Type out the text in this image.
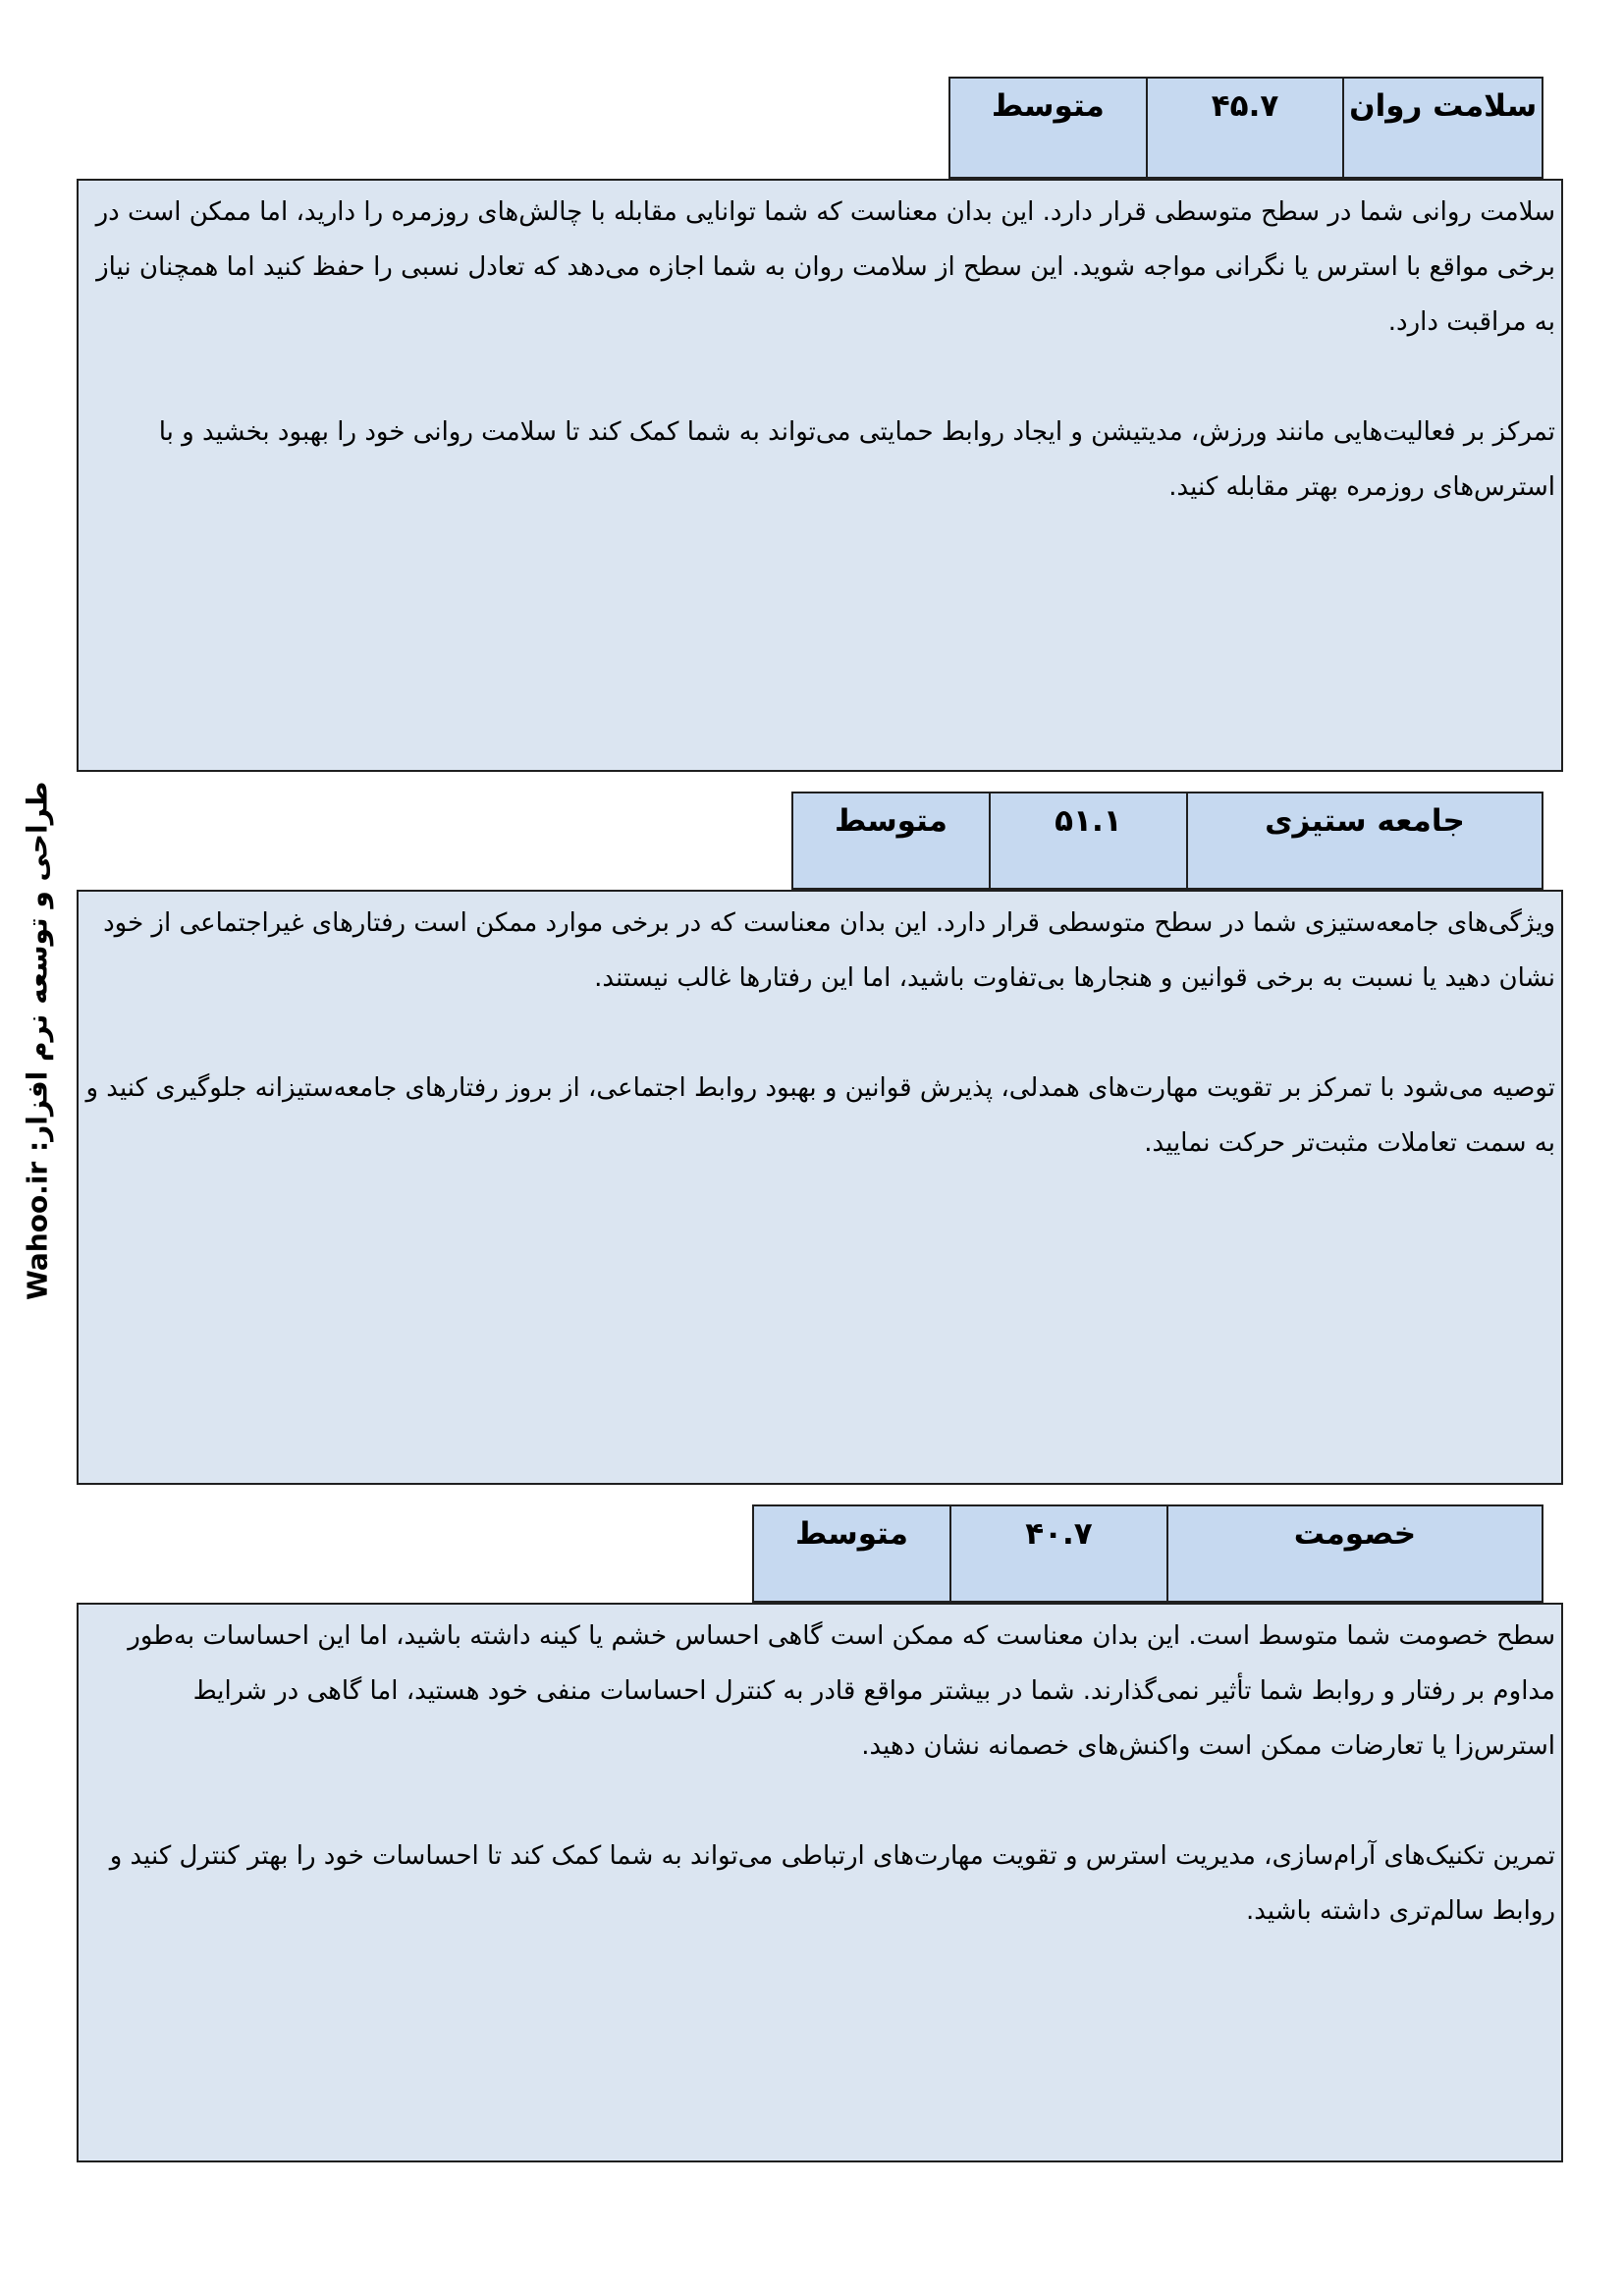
طراحی و توسعه نرم افزار: Wahoo.ir
سلامت روان
۴۵.۷
متوسط

سلامت روانی شما در سطح متوسطی قرار دارد. این بدان معناست که شما توانایی مقابله با چالش‌های روزمره را دارید، اما ممکن است در برخی مواقع با استرس یا نگرانی مواجه شوید. این سطح از سلامت روان به شما اجازه می‌دهد که تعادل نسبی را حفظ کنید اما همچنان نیاز به مراقبت دارد.

تمرکز بر فعالیت‌هایی مانند ورزش، مدیتیشن و ایجاد روابط حمایتی می‌تواند به شما کمک کند تا سلامت روانی خود را بهبود بخشید و با استرس‌های روزمره بهتر مقابله کنید.

جامعه ستیزی
۵۱.۱
متوسط

ویژگی‌های جامعه‌ستیزی شما در سطح متوسطی قرار دارد. این بدان معناست که در برخی موارد ممکن است رفتارهای غیراجتماعی از خود نشان دهید یا نسبت به برخی قوانین و هنجارها بی‌تفاوت باشید، اما این رفتارها غالب نیستند.

توصیه می‌شود با تمرکز بر تقویت مهارت‌های همدلی، پذیرش قوانین و بهبود روابط اجتماعی، از بروز رفتارهای جامعه‌ستیزانه جلوگیری کنید و به سمت تعاملات مثبت‌تر حرکت نمایید.

خصومت
۴۰.۷
متوسط

سطح خصومت شما متوسط است. این بدان معناست که ممکن است گاهی احساس خشم یا کینه داشته باشید، اما این احساسات به‌طور مداوم بر رفتار و روابط شما تأثیر نمی‌گذارند. شما در بیشتر مواقع قادر به کنترل احساسات منفی خود هستید، اما گاهی در شرایط استرس‌زا یا تعارضات ممکن است واکنش‌های خصمانه نشان دهید.

تمرین تکنیک‌های آرام‌سازی، مدیریت استرس و تقویت مهارت‌های ارتباطی می‌تواند به شما کمک کند تا احساسات خود را بهتر کنترل کنید و روابط سالم‌تری داشته باشید.
